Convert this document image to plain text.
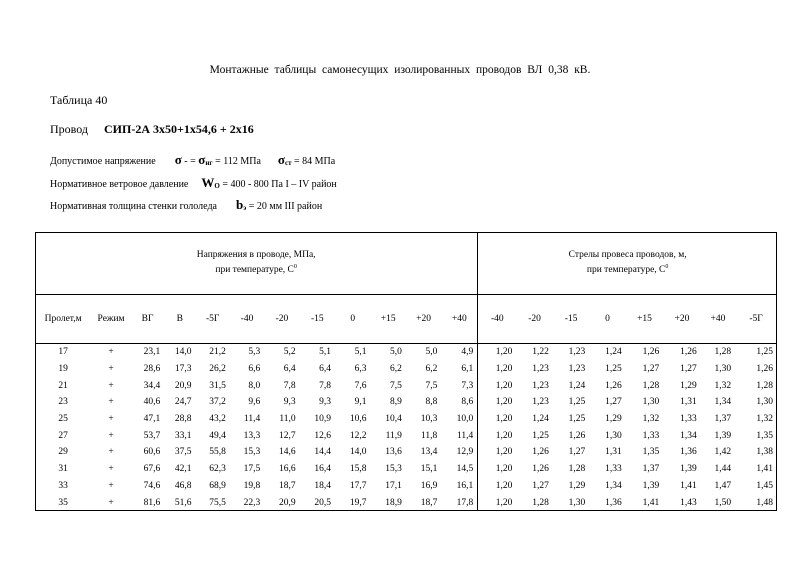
Монтажные таблицы самонесущих изолированных проводов ВЛ 0,38 кВ.
Таблица 40
Провод СИП-2А 3х50+1х54,6 + 2х16
Допустимое напряжение σ - = σнг = 112 МПа σст = 84 МПа
Нормативное ветровое давление WO = 400 - 800 Па I – IV район
Нормативная толщина стенки гололеда bэ = 20 мм III район
Напряжения в проводе, МПа,
при температуре, $С^0$												Стрелы провеса проводов, м,
при температуре, $С^0$
Пролет,м	Режим	ВГ	В	-5Г	-40	-20	-15	0	+15	+20	+40	-40	-20	-15	0	+15	+20	+40	-5Г
17	+	23,1	14,0	21,2	5,3	5,2	5,1	5,1	5,0	5,0	4,9	1,20	1,22	1,23	1,24	1,26	1,26	1,28	1,25
19	+	28,6	17,3	26,2	6,6	6,4	6,4	6,3	6,2	6,2	6,1	1,20	1,23	1,23	1,25	1,27	1,27	1,30	1,26
21	+	34,4	20,9	31,5	8,0	7,8	7,8	7,6	7,5	7,5	7,3	1,20	1,23	1,24	1,26	1,28	1,29	1,32	1,28
23	+	40,6	24,7	37,2	9,6	9,3	9,3	9,1	8,9	8,8	8,6	1,20	1,23	1,25	1,27	1,30	1,31	1,34	1,30
25	+	47,1	28,8	43,2	11,4	11,0	10,9	10,6	10,4	10,3	10,0	1,20	1,24	1,25	1,29	1,32	1,33	1,37	1,32
27	+	53,7	33,1	49,4	13,3	12,7	12,6	12,2	11,9	11,8	11,4	1,20	1,25	1,26	1,30	1,33	1,34	1,39	1,35
29	+	60,6	37,5	55,8	15,3	14,6	14,4	14,0	13,6	13,4	12,9	1,20	1,26	1,27	1,31	1,35	1,36	1,42	1,38
31	+	67,6	42,1	62,3	17,5	16,6	16,4	15,8	15,3	15,1	14,5	1,20	1,26	1,28	1,33	1,37	1,39	1,44	1,41
33	+	74,6	46,8	68,9	19,8	18,7	18,4	17,7	17,1	16,9	16,1	1,20	1,27	1,29	1,34	1,39	1,41	1,47	1,45
35	+	81,6	51,6	75,5	22,3	20,9	20,5	19,7	18,9	18,7	17,8	1,20	1,28	1,30	1,36	1,41	1,43	1,50	1,48
